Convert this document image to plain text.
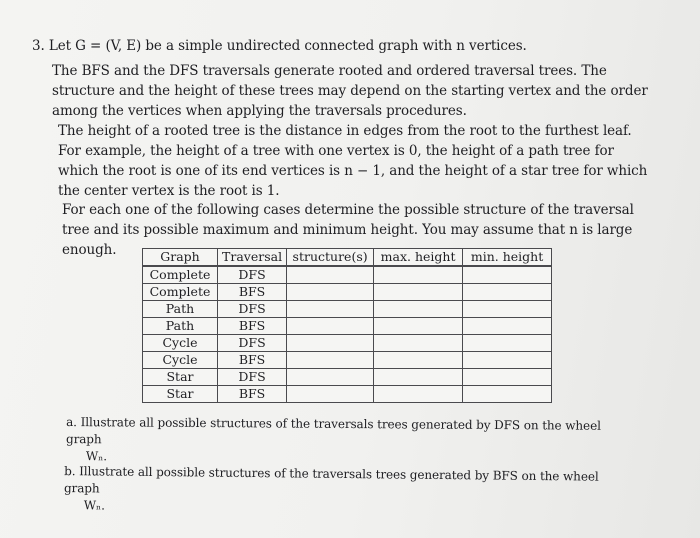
3. Let G = (V, E) be a simple undirected connected graph with n vertices.

The BFS and the DFS traversals generate rooted and ordered traversal trees. The structure and the height of these trees may depend on the starting vertex and the order among the vertices when applying the traversals procedures.

The height of a rooted tree is the distance in edges from the root to the furthest leaf. For example, the height of a tree with one vertex is 0, the height of a path tree for which the root is one of its end vertices is n − 1, and the height of a star tree for which the center vertex is the root is 1.

For each one of the following cases determine the possible structure of the traversal tree and its possible maximum and minimum height. You may assume that n is large enough.	Graph	Traversal	structure(s)	max. height	min. height
Complete	DFS			
Complete	BFS			
Path	DFS			
Path	BFS			
Cycle	DFS			
Cycle	BFS			
Star	DFS			
Star	BFS			
a. Illustrate all possible structures of the traversals trees generated by DFS on the wheel graph
Wₙ.
b. Illustrate all possible structures of the traversals trees generated by BFS on the wheel graph
Wₙ.
